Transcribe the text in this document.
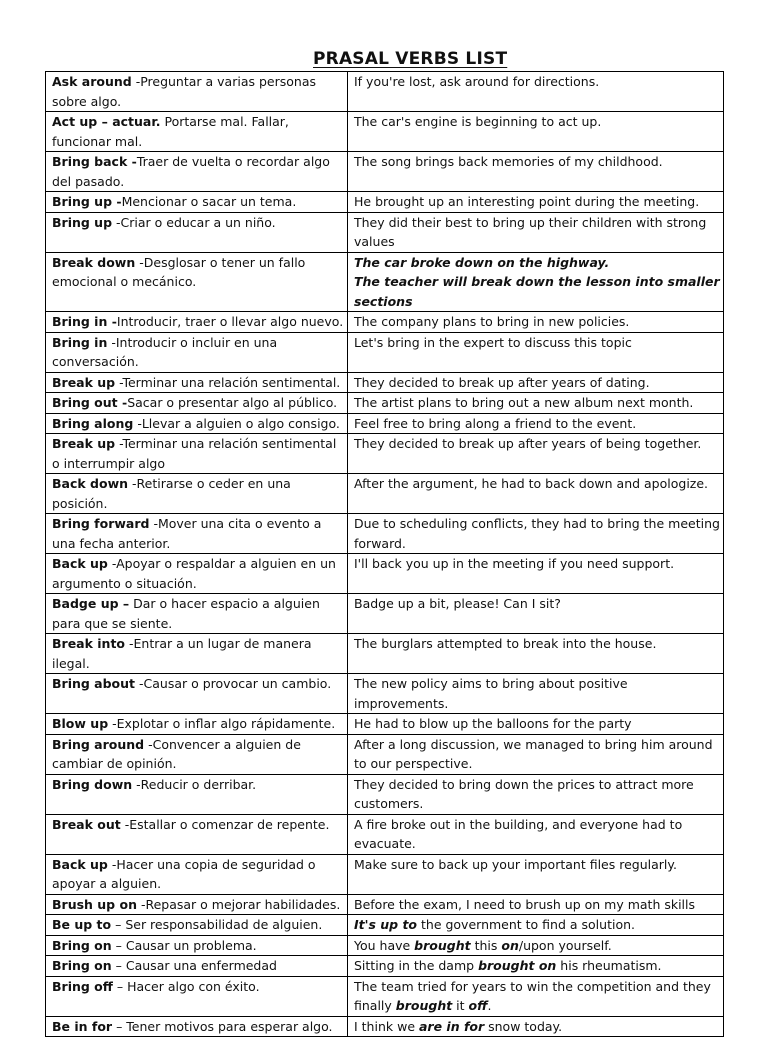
PRASAL VERBS LIST
Ask around -Preguntar a varias personas sobre algo.	If you're lost, ask around for directions.
Act up – actuar. Portarse mal. Fallar, funcionar mal.	The car's engine is beginning to act up.
Bring back -Traer de vuelta o recordar algo del pasado.	The song brings back memories of my childhood.
Bring up -Mencionar o sacar un tema.	He brought up an interesting point during the meeting.
Bring up -Criar o educar a un niño.	They did their best to bring up their children with strong values
Break down -Desglosar o tener un fallo emocional o mecánico.	The car broke down on the highway.
The teacher will break down the lesson into smaller sections
Bring in -Introducir, traer o llevar algo nuevo.	The company plans to bring in new policies.
Bring in -Introducir o incluir en una conversación.	Let's bring in the expert to discuss this topic
Break up -Terminar una relación sentimental.	They decided to break up after years of dating.
Bring out -Sacar o presentar algo al público.	The artist plans to bring out a new album next month.
Bring along -Llevar a alguien o algo consigo.	Feel free to bring along a friend to the event.
Break up -Terminar una relación sentimental o interrumpir algo	They decided to break up after years of being together.
Back down -Retirarse o ceder en una posición.	After the argument, he had to back down and apologize.
Bring forward -Mover una cita o evento a una fecha anterior.	Due to scheduling conflicts, they had to bring the meeting forward.
Back up -Apoyar o respaldar a alguien en un argumento o situación.	I'll back you up in the meeting if you need support.
Badge up – Dar o hacer espacio a alguien para que se siente.	Badge up a bit, please! Can I sit?
Break into -Entrar a un lugar de manera ilegal.	The burglars attempted to break into the house.
Bring about -Causar o provocar un cambio.	The new policy aims to bring about positive improvements.
Blow up -Explotar o inflar algo rápidamente.	He had to blow up the balloons for the party
Bring around -Convencer a alguien de cambiar de opinión.	After a long discussion, we managed to bring him around to our perspective.
Bring down -Reducir o derribar.	They decided to bring down the prices to attract more customers.
Break out -Estallar o comenzar de repente.	A fire broke out in the building, and everyone had to evacuate.
Back up -Hacer una copia de seguridad o apoyar a alguien.	Make sure to back up your important files regularly.
Brush up on -Repasar o mejorar habilidades.	Before the exam, I need to brush up on my math skills
Be up to – Ser responsabilidad de alguien.	It's up to the government to find a solution.
Bring on – Causar un problema.	You have brought this on/upon yourself.
Bring on – Causar una enfermedad	Sitting in the damp brought on his rheumatism.
Bring off – Hacer algo con éxito.	The team tried for years to win the competition and they finally brought it off.
Be in for – Tener motivos para esperar algo.	I think we are in for snow today.
